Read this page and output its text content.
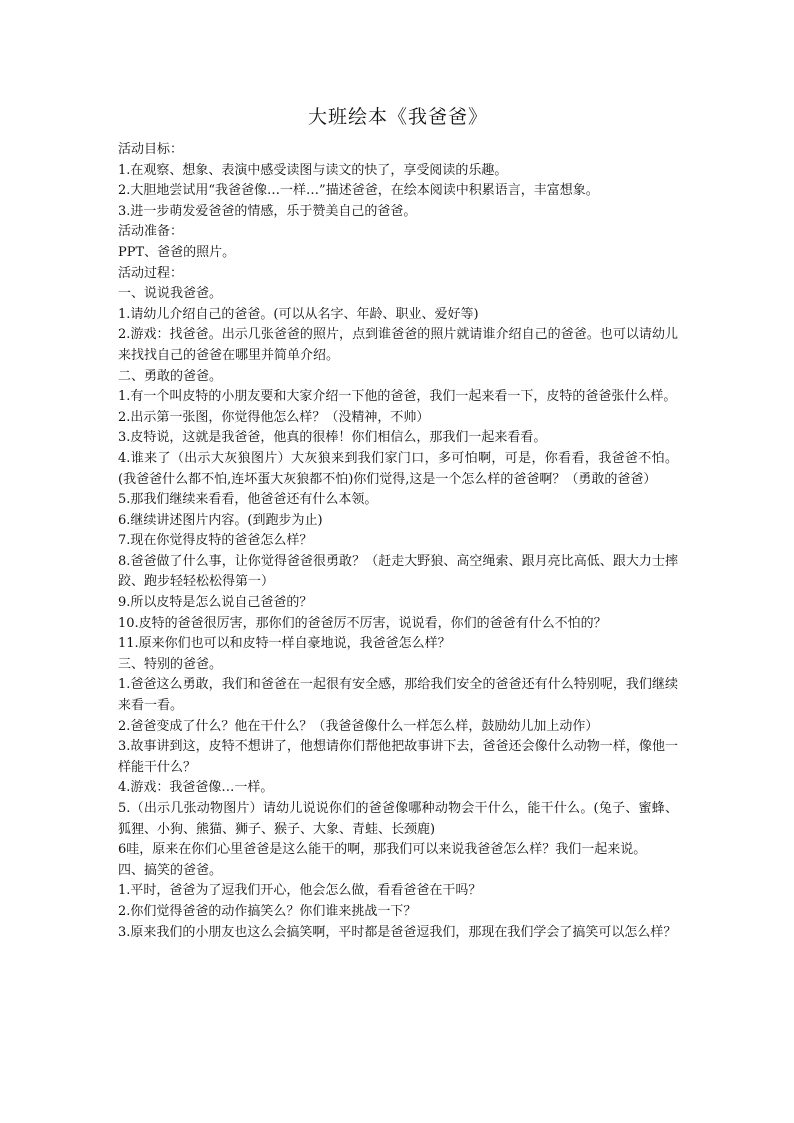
大班绘本《我爸爸》

活动目标：

1.在观察、想象、表演中感受读图与读文的快了，享受阅读的乐趣。

2.大胆地尝试用“我爸爸像…一样…”描述爸爸，在绘本阅读中积累语言，丰富想象。

3.进一步萌发爱爸爸的情感，乐于赞美自己的爸爸。

活动准备：

PPT、爸爸的照片。

活动过程：

一、说说我爸爸。

1.请幼儿介绍自己的爸爸。(可以从名字、年龄、职业、爱好等)

2.游戏：找爸爸。出示几张爸爸的照片，点到谁爸爸的照片就请谁介绍自己的爸爸。也可以请幼儿来找找自己的爸爸在哪里并简单介绍。

二、勇敢的爸爸。

1.有一个叫皮特的小朋友要和大家介绍一下他的爸爸，我们一起来看一下，皮特的爸爸张什么样。

2.出示第一张图，你觉得他怎么样？（没精神，不帅）

3.皮特说，这就是我爸爸，他真的很棒！你们相信么，那我们一起来看看。

4.谁来了（出示大灰狼图片）大灰狼来到我们家门口，多可怕啊，可是，你看看，我爸爸不怕。(我爸爸什么都不怕,连坏蛋大灰狼都不怕)你们觉得,这是一个怎么样的爸爸啊？（勇敢的爸爸）

5.那我们继续来看看，他爸爸还有什么本领。

6.继续讲述图片内容。(到跑步为止)

7.现在你觉得皮特的爸爸怎么样？

8.爸爸做了什么事，让你觉得爸爸很勇敢？（赶走大野狼、高空绳索、跟月亮比高低、跟大力士摔跤、跑步轻轻松松得第一）

9.所以皮特是怎么说自己爸爸的？

10.皮特的爸爸很厉害，那你们的爸爸厉不厉害，说说看，你们的爸爸有什么不怕的？

11.原来你们也可以和皮特一样自豪地说，我爸爸怎么样？

三、特别的爸爸。

1.爸爸这么勇敢，我们和爸爸在一起很有安全感，那给我们安全的爸爸还有什么特别呢，我们继续来看一看。

2.爸爸变成了什么？他在干什么？（我爸爸像什么一样怎么样，鼓励幼儿加上动作）

3.故事讲到这，皮特不想讲了，他想请你们帮他把故事讲下去，爸爸还会像什么动物一样，像他一样能干什么？

4.游戏：我爸爸像…一样。

5.（出示几张动物图片）请幼儿说说你们的爸爸像哪种动物会干什么，能干什么。(兔子、蜜蜂、狐狸、小狗、熊猫、狮子、猴子、大象、青蛙、长颈鹿)

6哇，原来在你们心里爸爸是这么能干的啊，那我们可以来说我爸爸怎么样？我们一起来说。

四、搞笑的爸爸。

1.平时，爸爸为了逗我们开心，他会怎么做，看看爸爸在干吗？

2.你们觉得爸爸的动作搞笑么？你们谁来挑战一下？

3.原来我们的小朋友也这么会搞笑啊，平时都是爸爸逗我们，那现在我们学会了搞笑可以怎么样？
